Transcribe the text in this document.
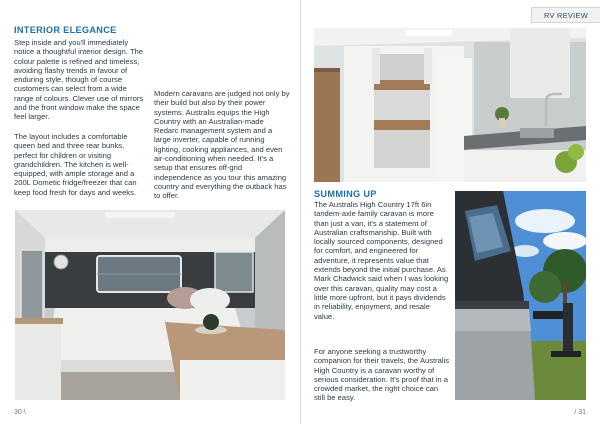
INTERIOR ELEGANCE

Step inside and you'll immediately notice a thoughtful interior design. The colour palette is refined and timeless, avoiding flashy trends in favour of enduring style, though of course customers can select from a wide range of colours. Clever use of mirrors and the front window make the space feel larger.

The layout includes a comfortable queen bed and three rear bunks, perfect for children or visiting grandchildren. The kitchen is well-equipped, with ample storage and a 200L Dometic fridge/freezer that can keep food fresh for days and weeks.

Modern caravans are judged not only by their build but also by their power systems. Australis equips the High Country with an Australian-made Redarc management system and a large inverter, capable of running lighting, cooking appliances, and even air-conditioning when needed. It's a setup that ensures off-grid independence as you tour this amazing country and everything the outback has to offer.

30 \
RV REVIEW
SUMMING UP

The Australis High Country 17ft 6in tandem-axle family caravan is more than just a van, it's a statement of Australian craftsmanship. Built with locally sourced components, designed for comfort, and engineered for adventure, it represents value that extends beyond the initial purchase. As Mark Chadwick said when I was looking over this caravan, quality may cost a little more upfront, but it pays dividends in reliability, enjoyment, and resale value.

For anyone seeking a trustworthy companion for their travels, the Australis High Country is a caravan worthy of serious consideration. It's proof that in a crowded market, the right choice can still be easy.

/ 31
